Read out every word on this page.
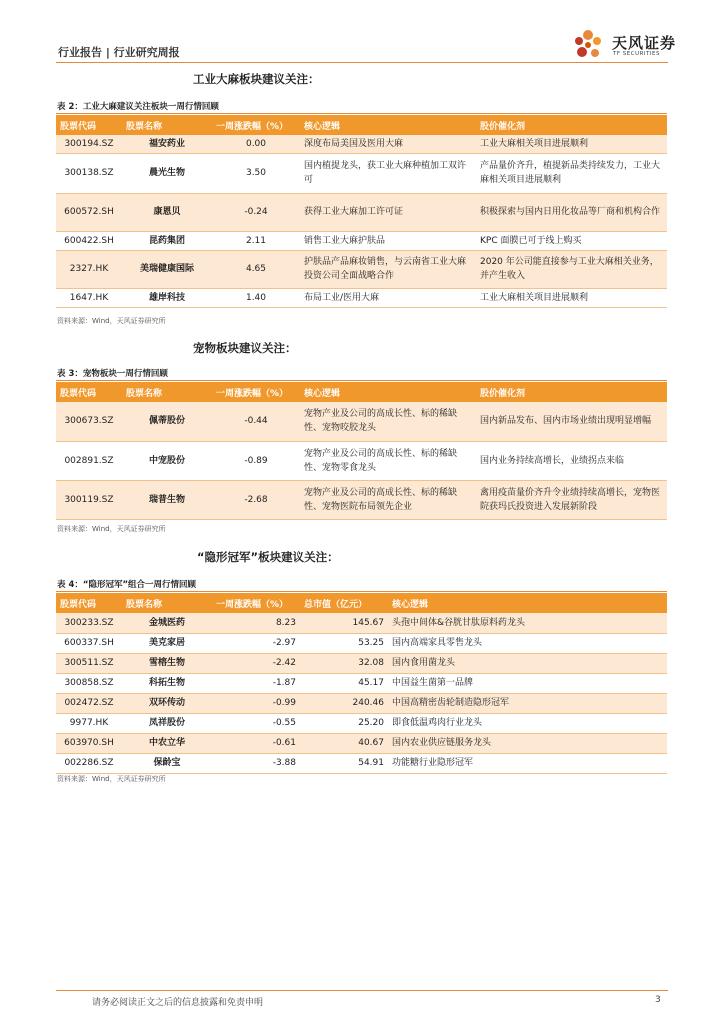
行业报告 | 行业研究周报
天风证券
TF SECURITIES
工业大麻板块建议关注：
表 2：工业大麻建议关注板块一周行情回顾
股票代码	股票名称	一周涨跌幅（%）	核心逻辑	股价催化剂
300194.SZ	福安药业	0.00	深度布局美国及医用大麻	工业大麻相关项目进展顺利
300138.SZ	晨光生物	3.50	国内植提龙头，获工业大麻种植加工双许可	产品量价齐升，植提新品类持续发力，工业大麻相关项目进展顺利
600572.SH	康恩贝	-0.24	获得工业大麻加工许可证	积极探索与国内日用化妆品等厂商和机构合作
600422.SH	昆药集团	2.11	销售工业大麻护肤品	KPC 面膜已可于线上购买
2327.HK	美瑞健康国际	4.65	护肤品产品麻妆销售，与云南省工业大麻投资公司全面战略合作	2020 年公司能直接参与工业大麻相关业务，并产生收入
1647.HK	雄岸科技	1.40	布局工业/医用大麻	工业大麻相关项目进展顺利
资料来源：Wind，天风证券研究所
宠物板块建议关注：
表 3：宠物板块一周行情回顾
股票代码	股票名称	一周涨跌幅（%）	核心逻辑	股价催化剂
300673.SZ	佩蒂股份	-0.44	宠物产业及公司的高成长性、标的稀缺性、宠物咬胶龙头	国内新品发布、国内市场业绩出现明显增幅
002891.SZ	中宠股份	-0.89	宠物产业及公司的高成长性、标的稀缺性、宠物零食龙头	国内业务持续高增长，业绩拐点来临
300119.SZ	瑞普生物	-2.68	宠物产业及公司的高成长性、标的稀缺性、宠物医院布局领先企业	禽用疫苗量价齐升令业绩持续高增长，宠物医院获玛氏投资进入发展新阶段
资料来源：Wind，天风证券研究所
“隐形冠军”板块建议关注：
表 4：“隐形冠军”组合一周行情回顾
股票代码	股票名称	一周涨跌幅（%）	总市值（亿元）	核心逻辑
300233.SZ	金城医药	8.23	145.67	头孢中间体&谷胱甘肽原料药龙头
600337.SH	美克家居	-2.97	53.25	国内高端家具零售龙头
300511.SZ	雪榕生物	-2.42	32.08	国内食用菌龙头
300858.SZ	科拓生物	-1.87	45.17	中国益生菌第一品牌
002472.SZ	双环传动	-0.99	240.46	中国高精密齿轮制造隐形冠军
9977.HK	凤祥股份	-0.55	25.20	即食低温鸡肉行业龙头
603970.SH	中农立华	-0.61	40.67	国内农业供应链服务龙头
002286.SZ	保龄宝	-3.88	54.91	功能糖行业隐形冠军
资料来源：Wind，天风证券研究所
请务必阅读正文之后的信息披露和免责申明	3
